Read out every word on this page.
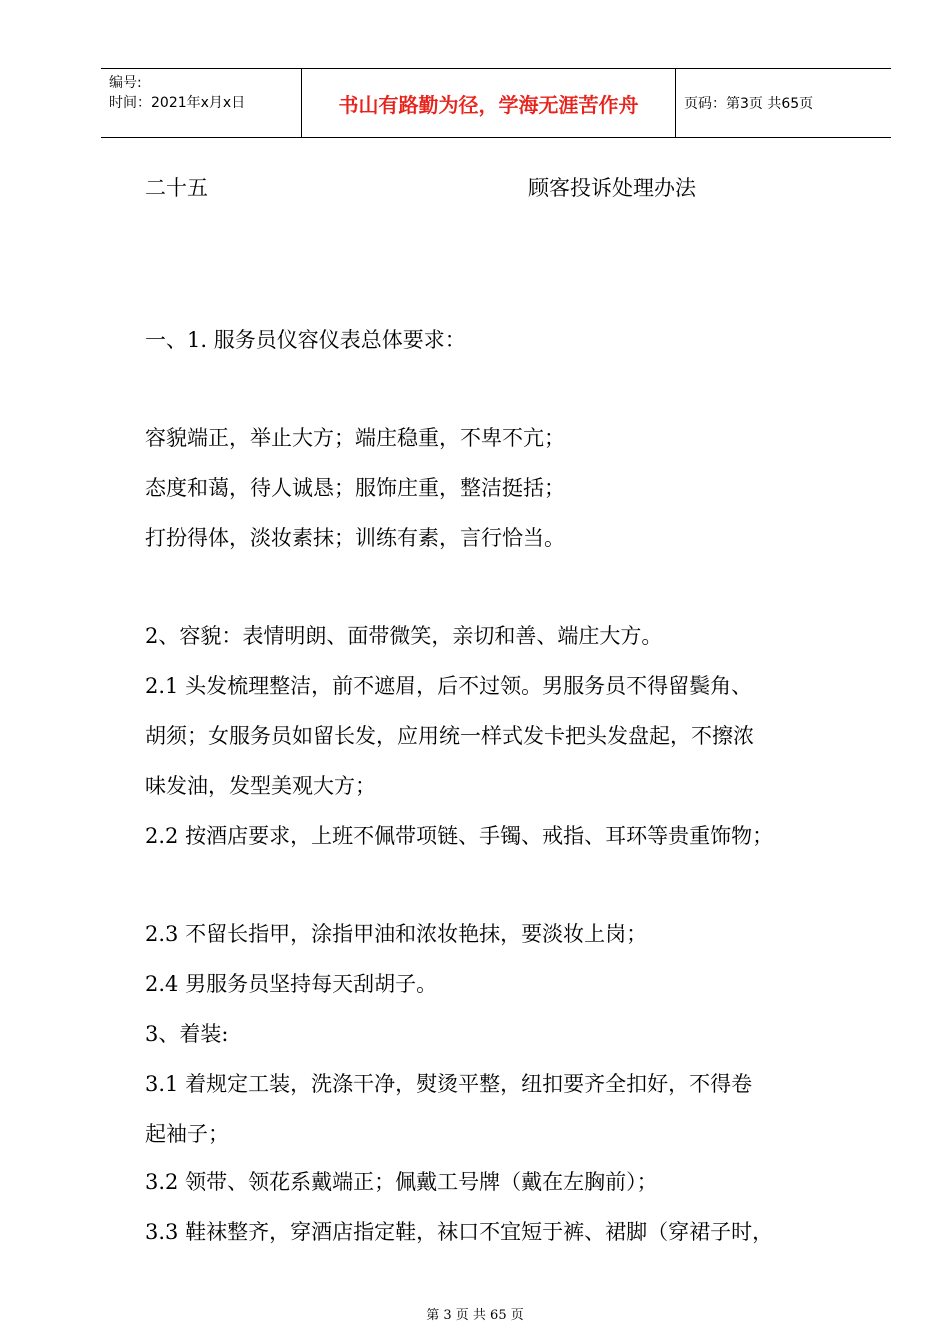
编号:
时间：2021年x月x日	书山有路勤为径，学海无涯苦作舟	页码：第3页 共65页
二十五	顾客投诉处理办法
一、1. 服务员仪容仪表总体要求：
容貌端正，举止大方；端庄稳重，不卑不亢；
态度和蔼，待人诚恳；服饰庄重，整洁挺括；
打扮得体，淡妆素抹；训练有素，言行恰当。
2、容貌：表情明朗、面带微笑，亲切和善、端庄大方。
2.1 头发梳理整洁，前不遮眉，后不过领。男服务员不得留鬓角、
胡须；女服务员如留长发，应用统一样式发卡把头发盘起，不擦浓
味发油，发型美观大方；
2.2 按酒店要求，上班不佩带项链、手镯、戒指、耳环等贵重饰物；
2.3 不留长指甲，涂指甲油和浓妆艳抹，要淡妆上岗；
2.4 男服务员坚持每天刮胡子。
3、着装:
3.1 着规定工装，洗涤干净，熨烫平整，纽扣要齐全扣好，不得卷
起袖子；
3.2 领带、领花系戴端正；佩戴工号牌（戴在左胸前）；
3.3 鞋袜整齐，穿酒店指定鞋，袜口不宜短于裤、裙脚（穿裙子时，
第 3 页 共 65 页
